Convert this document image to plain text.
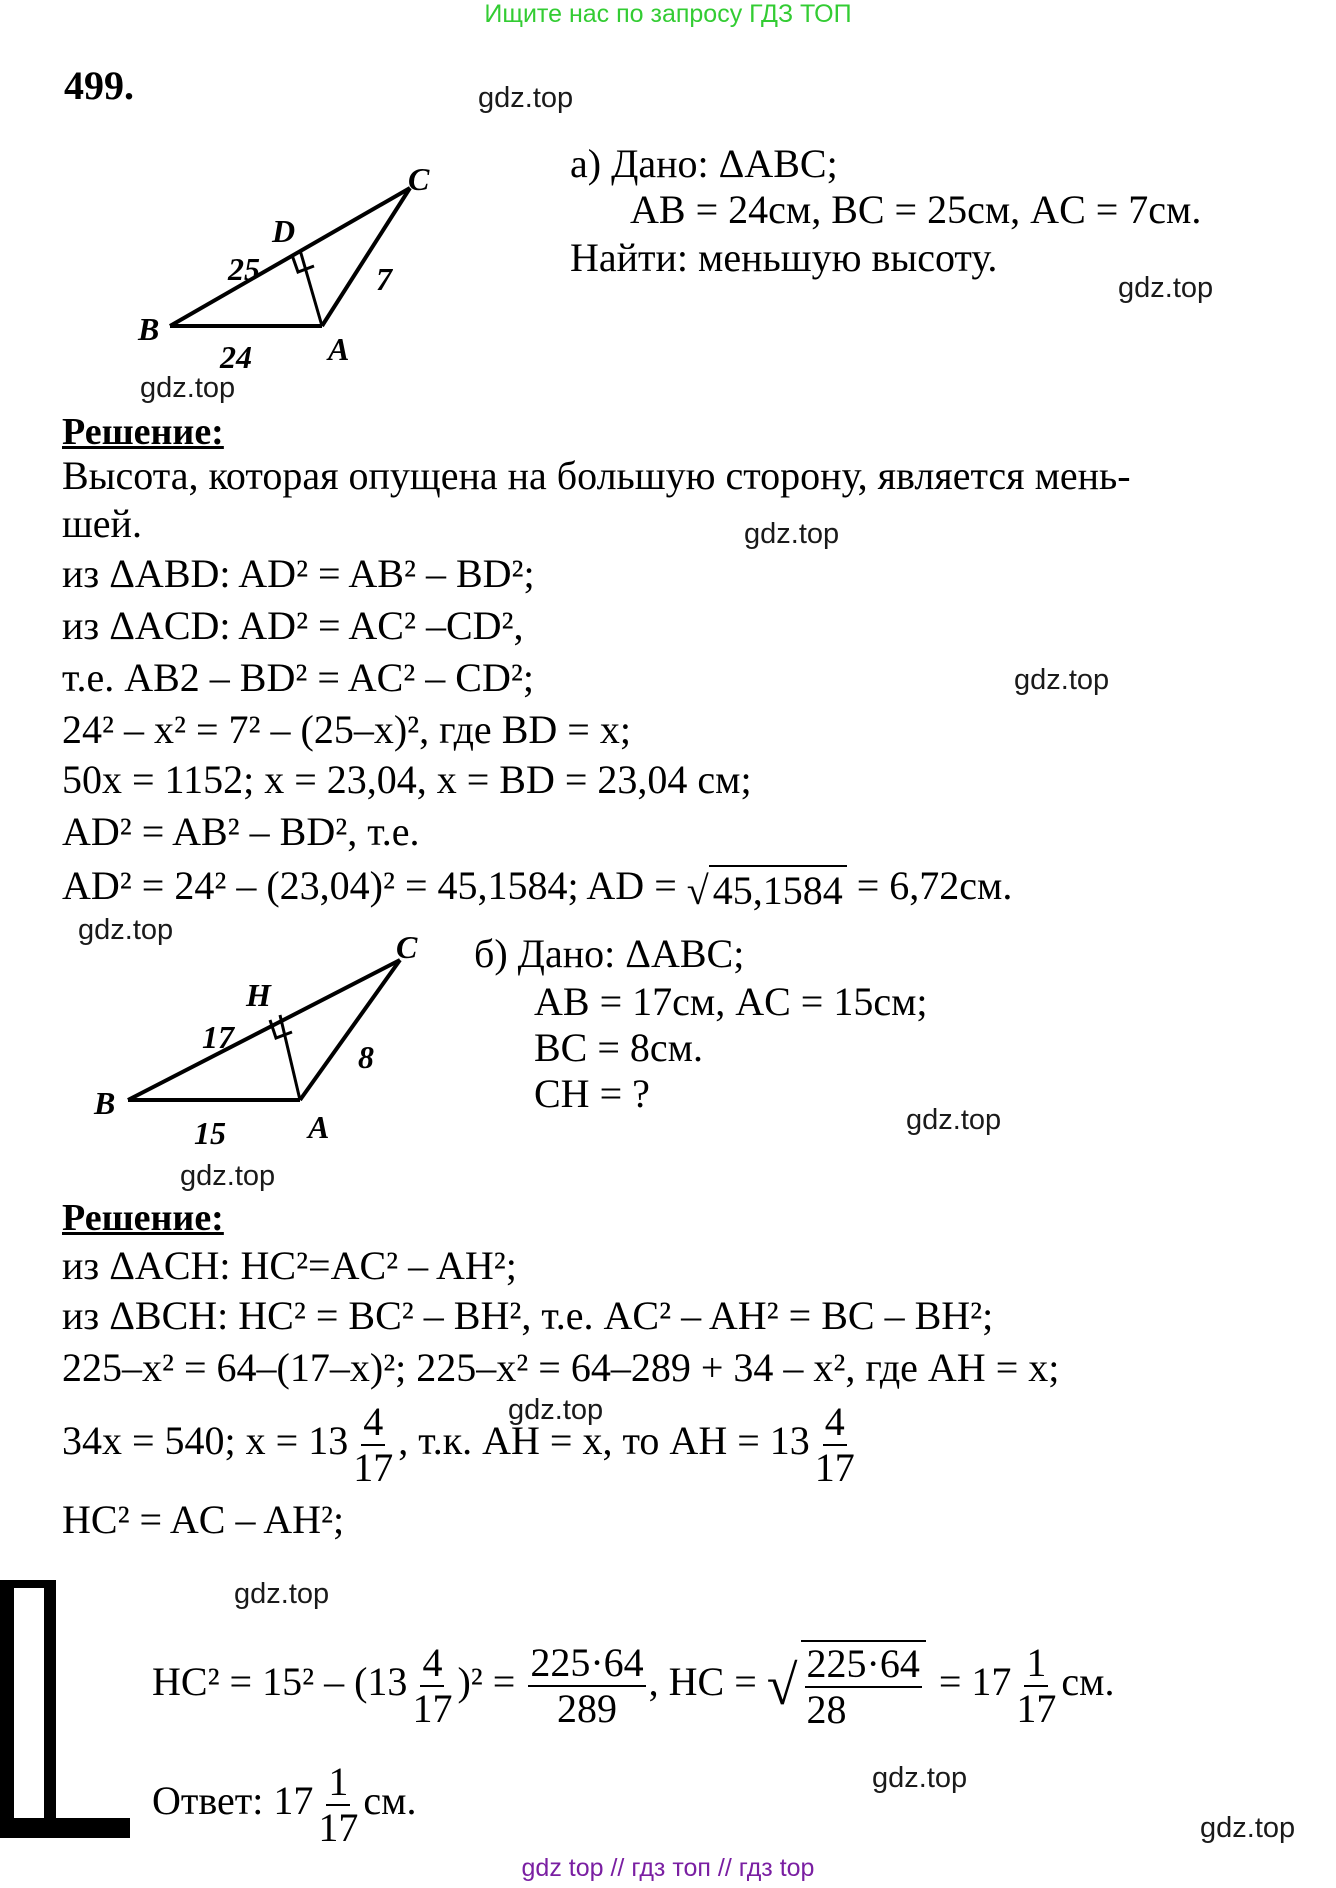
Ищите нас по запросу ГДЗ ТОП
499.	gdz.top
gdz.top
gdz.top
gdz.top
gdz.top
gdz.top
gdz.top
gdz.top
gdz.top
gdz.top
gdz.top
gdz.top
B
A
C
D
24
25	7
а) Дано: ΔABC;
AB = 24см, BC = 25см, AC = 7см.
Найти: меньшую высоту.
Решение:
Высота, которая опущена на большую сторону, является мень-
шей.
из ΔABD: AD² = AB² – BD²;
из ΔACD: AD² = AC² –CD²,
т.е. AB2 – BD² = AC² – CD²;
24² – x² = 7² – (25–x)², где BD = x;
50x = 1152; x = 23,04, x = BD = 23,04 см;
AD² = AB² – BD², т.е.
AD² = 24² – (23,04)² = 45,1584; AD = √ 45,1584 = 6,72см.
B
A
C
H
15
17
8
б) Дано: ΔABC;
AB = 17см, AC = 15см;
BC = 8см.
CH = ?
Решение:
из ΔACH: HC²=AC² – AH²;
из ΔBCH: HC² = BC² – BH², т.е. AC² – AH² = BC – BH²;
225–x² = 64–(17–x)²; 225–x² = 64–289 + 34 – x², где AH = x;
34x = 540; $x = 13 \frac{4}{17}$ , т.к. AH = x, то AH = $13 \frac{4}{17}$
HC² = AC – AH²;
$HC^2 = 15^2 - (13 \frac{4}{17} )^2 = \frac{225\cdot 64}{289}$ , HC = √ $\frac{225\cdot 64}{28} = 17 \frac{1}{17}$ см.
Ответ: $17 \frac{1}{17}$ см.
gdz top // гдз топ // гдз top
